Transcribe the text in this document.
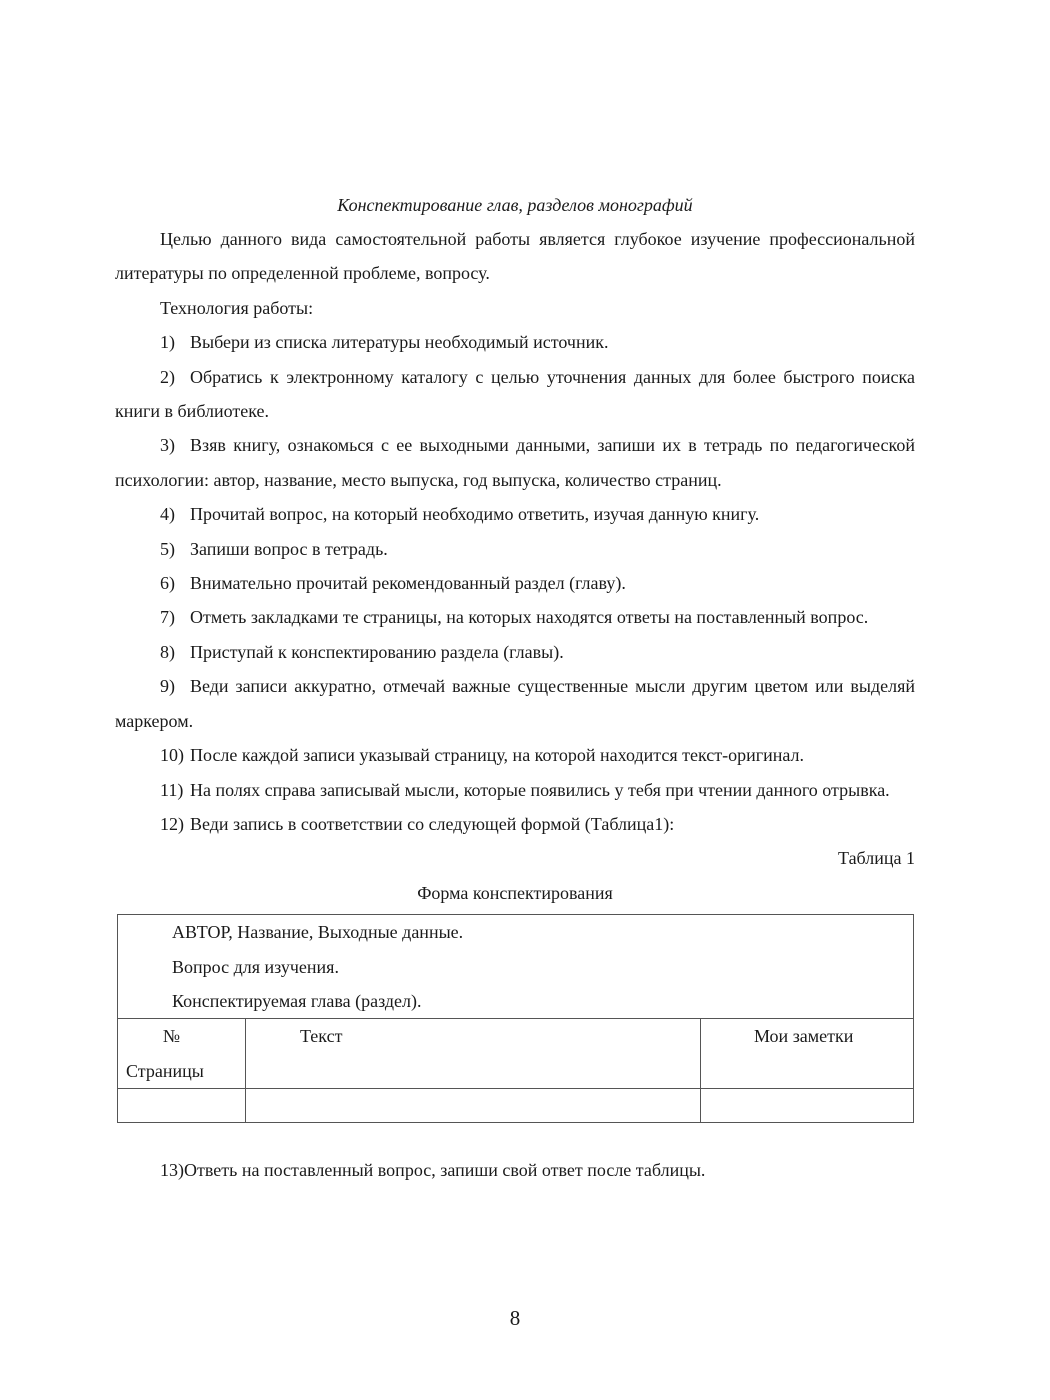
Конспектирование глав, разделов монографий

Целью данного вида самостоятельной работы является глубокое изучение профессиональной литературы по определенной проблеме, вопросу.

Технология работы:

1) Выбери из списка литературы необходимый источник.

2) Обратись к электронному каталогу с целью уточнения данных для более быстрого поиска книги в библиотеке.

3) Взяв книгу, ознакомься с ее выходными данными, запиши их в тетрадь по педагогической психологии: автор, название, место выпуска, год выпуска, количество страниц.

4) Прочитай вопрос, на который необходимо ответить, изучая данную книгу.

5) Запиши вопрос в тетрадь.

6) Внимательно прочитай рекомендованный раздел (главу).

7) Отметь закладками те страницы, на которых находятся ответы на поставленный вопрос.

8) Приступай к конспектированию раздела (главы).

9) Веди записи аккуратно, отмечай важные существенные мысли другим цветом или выделяй маркером.

10) После каждой записи указывай страницу, на которой находится текст-оригинал.

11) На полях справа записывай мысли, которые появились у тебя при чтении данного отрывка.

12) Веди запись в соответствии со следующей формой (Таблица1):

Таблица 1

Форма конспектирования

АВТОР, Название, Выходные данные.
Вопрос для изучения.
Конспектируемая глава (раздел).		

№
Страницы	Текст	Мои заметки

13)Ответь на поставленный вопрос, запиши свой ответ после таблицы.

8
